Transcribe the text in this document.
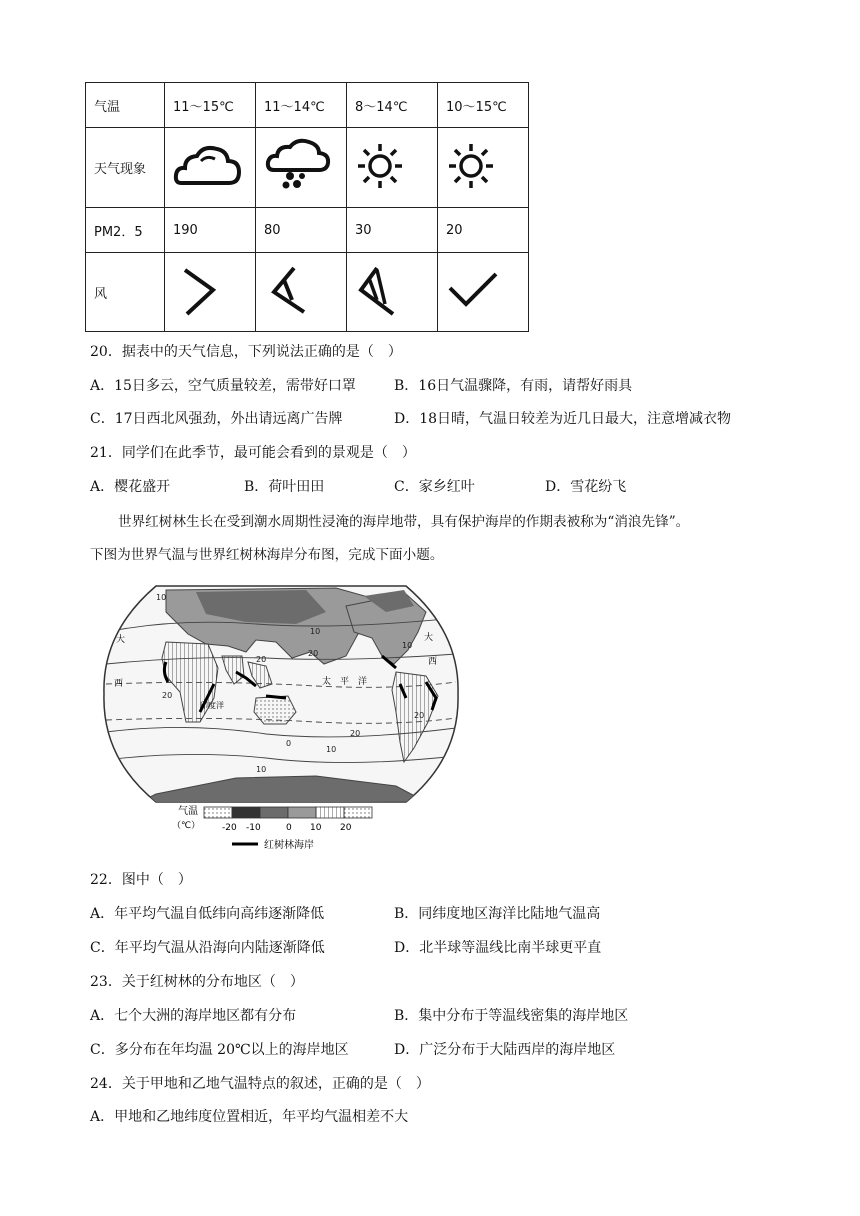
气温	11～15℃	11～14℃	8～14℃	10～15℃
天气现象				
PM2．5	190	80	30	20
风				
20．据表中的天气信息，下列说法正确的是（　）
A．15日多云，空气质量较差，需带好口罩	B．16日气温骤降，有雨，请帮好雨具
C．17日西北风强劲，外出请远离广告牌	D．18日晴，气温日较差为近几日最大，注意增减衣物
21．同学们在此季节，最可能会看到的景观是（　）
A．樱花盛开	B．荷叶田田	C．家乡红叶	D．雪花纷飞
世界红树林生长在受到潮水周期性浸淹的海岸地带，具有保护海岸的作期表被称为“消浪先锋”。
下图为世界气温与世界红树林海岸分布图，完成下面小题。
大
西
大
西
太　平　洋
印度洋
10
10
20
20
20
10
10
20
20
10
0
气温
（℃） -20 -10	0 10 20
红树林海岸
22．图中（　）
A．年平均气温自低纬向高纬逐渐降低	B．同纬度地区海洋比陆地气温高
C．年平均气温从沿海向内陆逐渐降低	D．北半球等温线比南半球更平直
23．关于红树林的分布地区（　）
A．七个大洲的海岸地区都有分布	B．集中分布于等温线密集的海岸地区
C．多分布在年均温 20℃以上的海岸地区	D．广泛分布于大陆西岸的海岸地区
24．关于甲地和乙地气温特点的叙述，正确的是（　）
A．甲地和乙地纬度位置相近，年平均气温相差不大
